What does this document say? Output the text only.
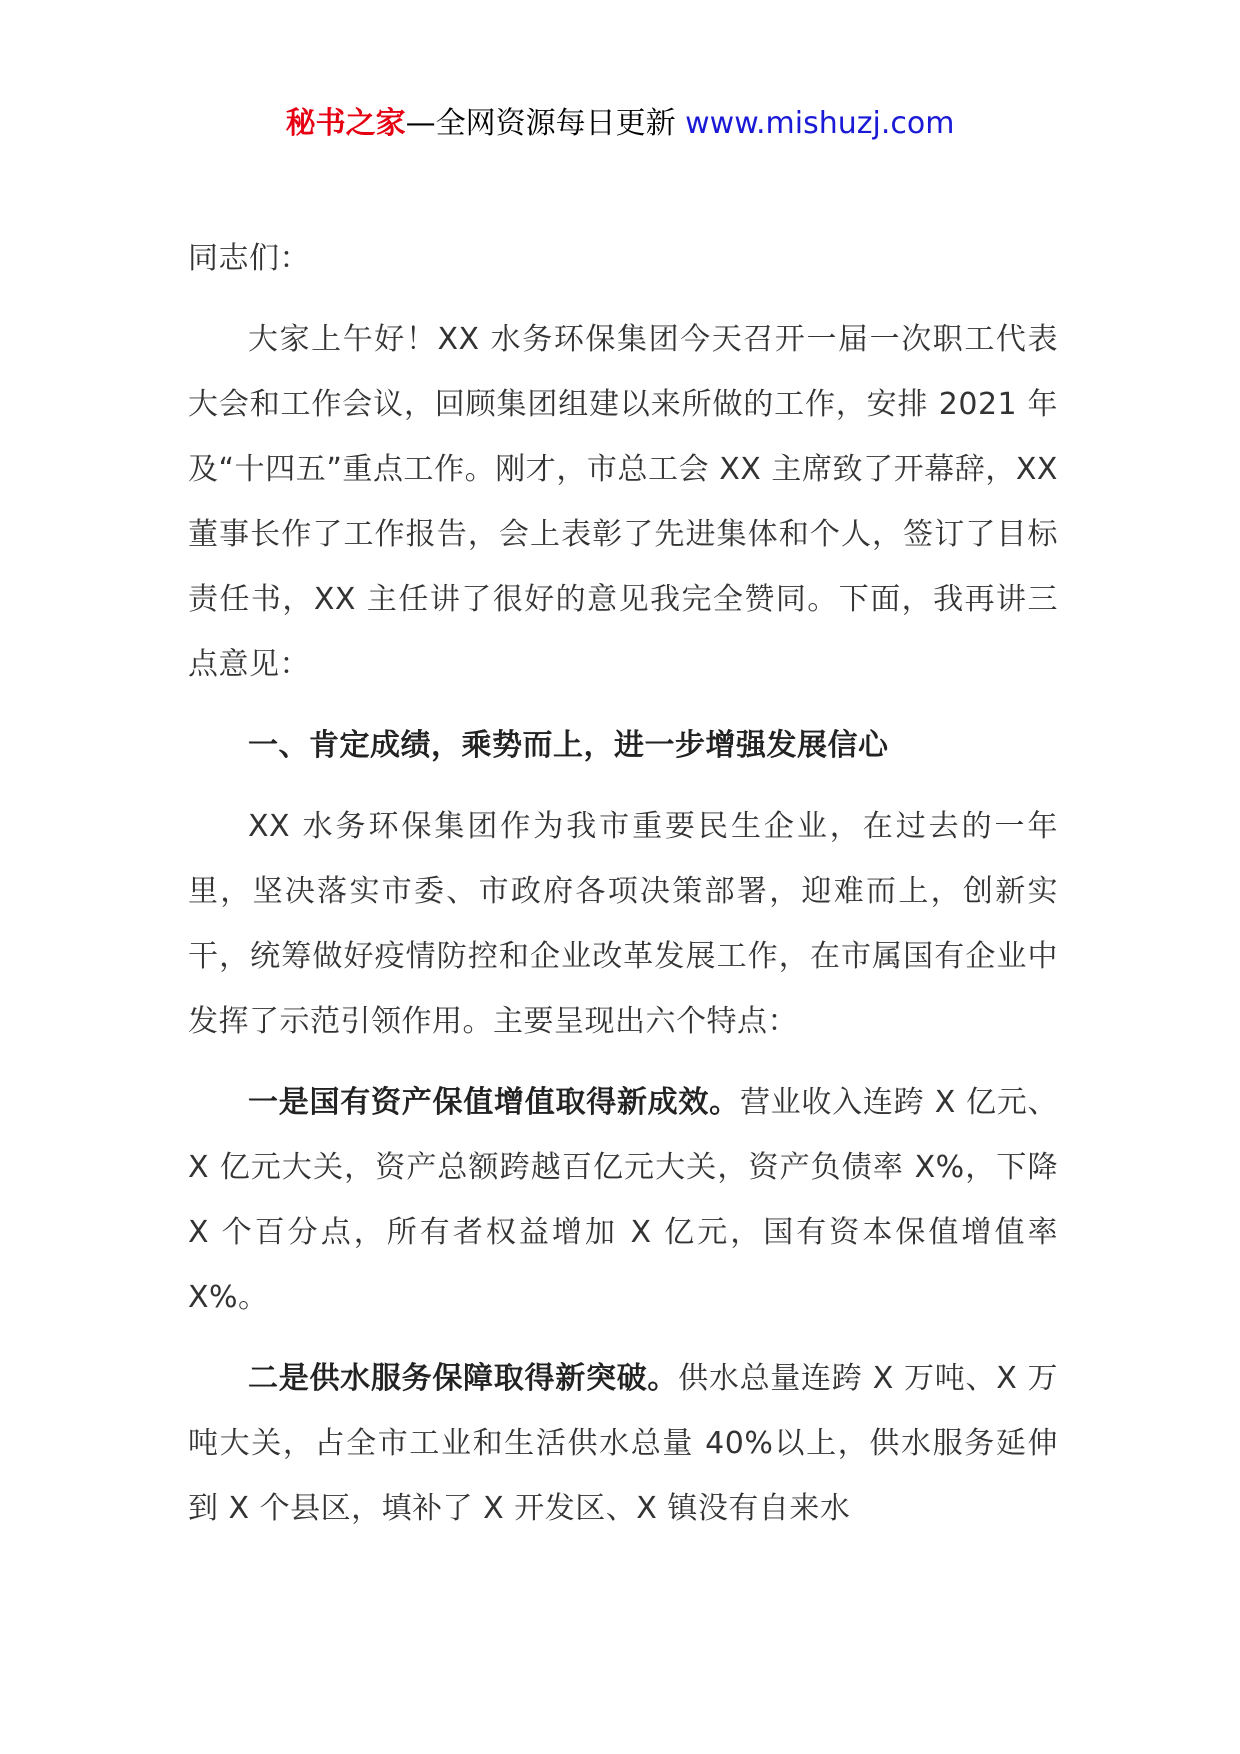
秘书之家—全网资源每日更新 www.mishuzj.com

同志们：

大家上午好！XX 水务环保集团今天召开一届一次职工代表大会和工作会议，回顾集团组建以来所做的工作，安排 2021 年及“十四五”重点工作。刚才，市总工会 XX 主席致了开幕辞，XX 董事长作了工作报告，会上表彰了先进集体和个人，签订了目标责任书，XX 主任讲了很好的意见我完全赞同。下面，我再讲三点意见：

一、肯定成绩，乘势而上，进一步增强发展信心

XX 水务环保集团作为我市重要民生企业，在过去的一年里，坚决落实市委、市政府各项决策部署，迎难而上，创新实干，统筹做好疫情防控和企业改革发展工作，在市属国有企业中发挥了示范引领作用。主要呈现出六个特点：

一是国有资产保值增值取得新成效。营业收入连跨 X 亿元、X 亿元大关，资产总额跨越百亿元大关，资产负债率 X%，下降 X 个百分点，所有者权益增加 X 亿元，国有资本保值增值率 X%。

二是供水服务保障取得新突破。供水总量连跨 X 万吨、X 万吨大关，占全市工业和生活供水总量 40%以上，供水服务延伸到 X 个县区，填补了 X 开发区、X 镇没有自来水
